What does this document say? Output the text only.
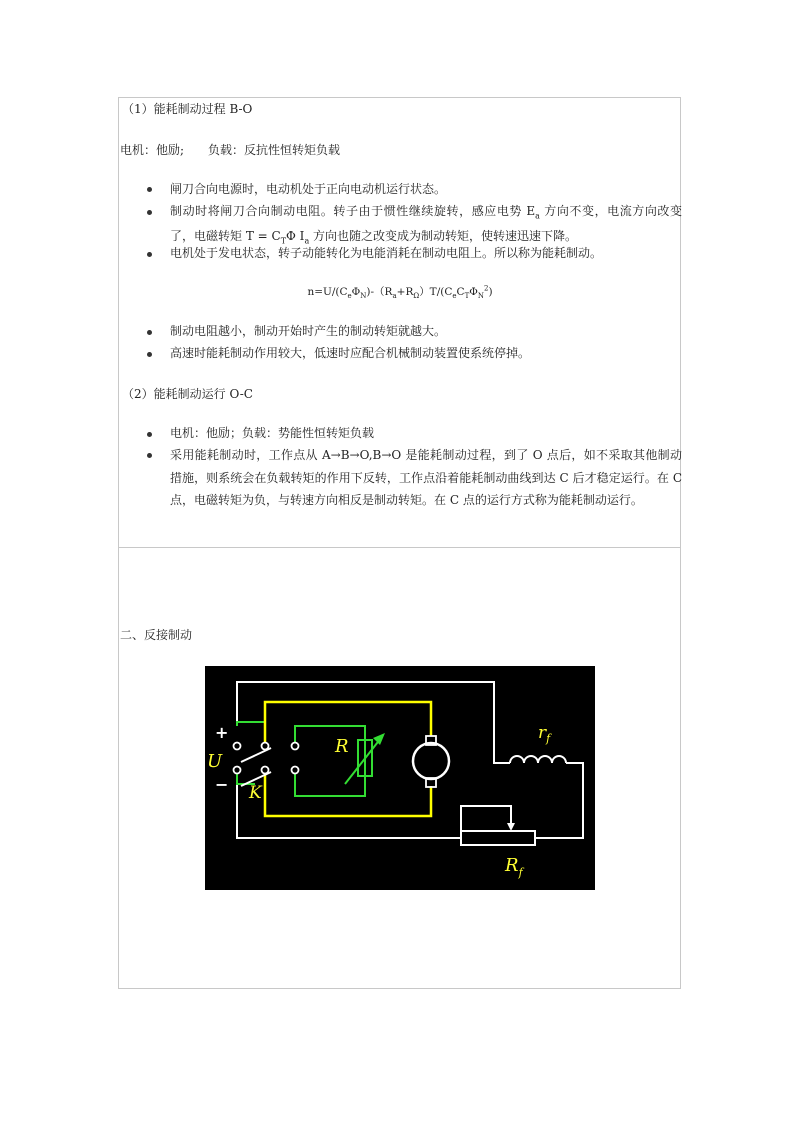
（1）能耗制动过程 B-O
电机：他励;　　负载：反抗性恒转矩负载
闸刀合向电源时，电动机处于正向电动机运行状态。
制动时将闸刀合向制动电阻。转子由于惯性继续旋转，感应电势 $E_a$ 方向不变，电流方向改变了，电磁转矩 $T = C_T\Phi$ $I_a$ 方向也随之改变成为制动转矩，使转速迅速下降。
电机处于发电状态，转子动能转化为电能消耗在制动电阻上。所以称为能耗制动。
$n=U/(C_e\Phi_N)-(R_a+R_\Omega)T/(C_eC_T\Phi_N^2)$
制动电阻越小，制动开始时产生的制动转矩就越大。
高速时能耗制动作用较大，低速时应配合机械制动装置使系统停掉。
（2）能耗制动运行 O-C
电机：他励；负载：势能性恒转矩负载
采用能耗制动时，工作点从 A→B→O,B→O 是能耗制动过程，到了 O 点后，如不采取其他制动措施，则系统会在负载转矩的作用下反转，工作点沿着能耗制动曲线到达 C 后才稳定运行。在 C 点，电磁转矩为负，与转速方向相反是制动转矩。在 C 点的运行方式称为能耗制动运行。
二、反接制动
+
−
U
K
R
$r_f$
$R_f$
